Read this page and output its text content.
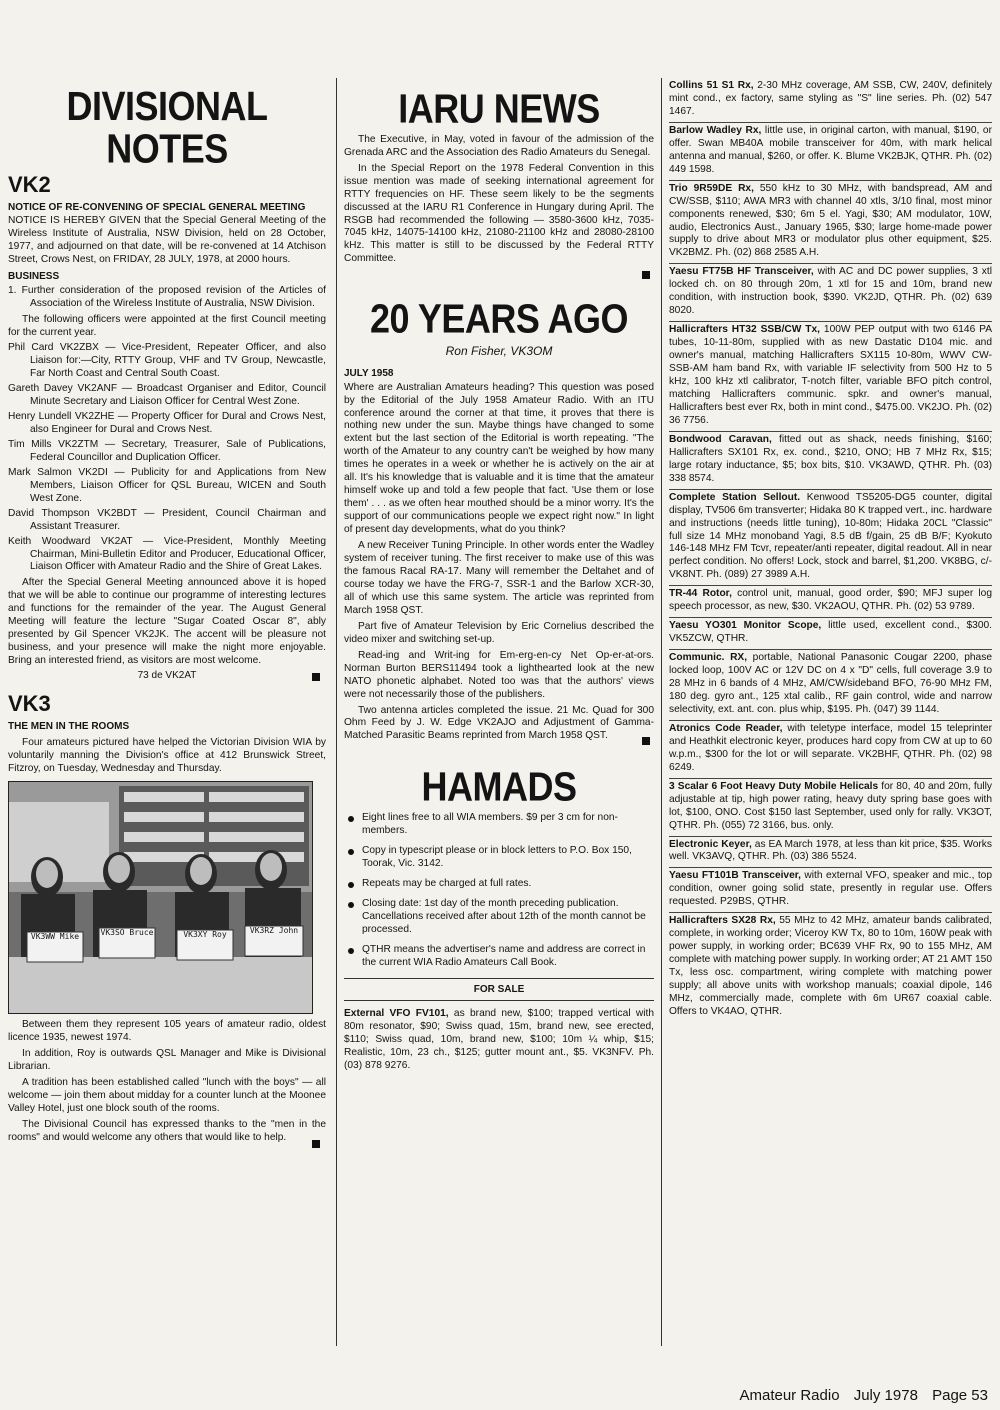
DIVISIONAL NOTES
VK2
NOTICE OF RE-CONVENING OF SPECIAL GENERAL MEETING

NOTICE IS HEREBY GIVEN that the Special General Meeting of the Wireless Institute of Australia, NSW Division, held on 28 October, 1977, and adjourned on that date, will be re-convened at 14 Atchison Street, Crows Nest, on FRIDAY, 28 JULY, 1978, at 2000 hours.

BUSINESS

1. Further consideration of the proposed revision of the Articles of Association of the Wireless Institute of Australia, NSW Division.

The following officers were appointed at the first Council meeting for the current year.

Phil Card VK2ZBX — Vice-President, Repeater Officer, and also Liaison for:—City, RTTY Group, VHF and TV Group, Newcastle, Far North Coast and Central South Coast.

Gareth Davey VK2ANF — Broadcast Organiser and Editor, Council Minute Secretary and Liaison Officer for Central West Zone.

Henry Lundell VK2ZHE — Property Officer for Dural and Crows Nest, also Engineer for Dural and Crows Nest.

Tim Mills VK2ZTM — Secretary, Treasurer, Sale of Publications, Federal Councillor and Duplication Officer.

Mark Salmon VK2DI — Publicity for and Applications from New Members, Liaison Officer for QSL Bureau, WICEN and South West Zone.

David Thompson VK2BDT — President, Council Chairman and Assistant Treasurer.

Keith Woodward VK2AT — Vice-President, Monthly Meeting Chairman, Mini-Bulletin Editor and Producer, Educational Officer, Liaison Officer with Amateur Radio and the Shire of Great Lakes.

After the Special General Meeting announced above it is hoped that we will be able to continue our programme of interesting lectures and functions for the remainder of the year. The August General Meeting will feature the lecture "Sugar Coated Oscar 8", ably presented by Gil Spencer VK2JK. The accent will be pleasure not business, and your presence will make the night more enjoyable. Bring an interested friend, as visitors are most welcome.

73 de VK2AT
VK3
THE MEN IN THE ROOMS

Four amateurs pictured have helped the Victorian Division WIA by voluntarily manning the Division's office at 412 Brunswick Street, Fitzroy, on Tuesday, Wednesday and Thursday.

VK3WW Mike	VK3SO Bruce	VK3XY Roy	VK3RZ John

Between them they represent 105 years of amateur radio, oldest licence 1935, newest 1974.

In addition, Roy is outwards QSL Manager and Mike is Divisional Librarian.

A tradition has been established called "lunch with the boys" — all welcome — join them about midday for a counter lunch at the Moonee Valley Hotel, just one block south of the rooms.

The Divisional Council has expressed thanks to the "men in the rooms" and would welcome any others that would like to help.

IARU NEWS

The Executive, in May, voted in favour of the admission of the Grenada ARC and the Association des Radio Amateurs du Senegal.

In the Special Report on the 1978 Federal Convention in this issue mention was made of seeking international agreement for RTTY frequencies on HF. These seem likely to be the segments discussed at the IARU R1 Conference in Hungary during April. The RSGB had recommended the following — 3580-3600 kHz, 7035-7045 kHz, 14075-14100 kHz, 21080-21100 kHz and 28080-28100 kHz. This matter is still to be discussed by the Federal RTTY Committee.

20 YEARS AGO
Ron Fisher, VK3OM
JULY 1958

Where are Australian Amateurs heading? This question was posed by the Editorial of the July 1958 Amateur Radio. With an ITU conference around the corner at that time, it proves that there is nothing new under the sun. Maybe things have changed to some extent but the last section of the Editorial is worth repeating. "The worth of the Amateur to any country can't be weighed by how many times he operates in a week or whether he is actively on the air at all. It's his knowledge that is valuable and it is time that the amateur himself woke up and told a few people that fact. 'Use them or lose them' . . . as we often hear mouthed should be a minor worry. It's the support of our communications people we expect right now." In light of present day developments, what do you think?

A new Receiver Tuning Principle. In other words enter the Wadley system of receiver tuning. The first receiver to make use of this was the famous Racal RA-17. Many will remember the Deltahet and of course today we have the FRG-7, SSR-1 and the Barlow XCR-30, all of which use this same system. The article was reprinted from March 1958 QST.

Part five of Amateur Television by Eric Cornelius described the video mixer and switching set-up.

Read-ing and Writ-ing for Em-erg-en-cy Net Op-er-at-ors. Norman Burton BERS11494 took a lighthearted look at the new NATO phonetic alphabet. Noted too was that the authors' views were not necessarily those of the publishers.

Two antenna articles completed the issue. 21 Mc. Quad for 300 Ohm Feed by J. W. Edge VK2AJO and Adjustment of Gamma-Matched Parasitic Beams reprinted from March 1958 QST.

HAMADS
Eight lines free to all WIA members. $9 per 3 cm for non-members.
Copy in typescript please or in block letters to P.O. Box 150, Toorak, Vic. 3142.
Repeats may be charged at full rates.
Closing date: 1st day of the month preceding publication. Cancellations received after about 12th of the month cannot be processed.
QTHR means the advertiser's name and address are correct in the current WIA Radio Amateurs Call Book.
FOR SALE
External VFO FV101, as brand new, $100; trapped vertical with 80m resonator, $90; Swiss quad, 15m, brand new, see erected, $110; Swiss quad, 10m, brand new, $100; 10m ¼ whip, $15; Realistic, 10m, 23 ch., $125; gutter mount ant., $5. VK3NFV. Ph. (03) 878 9276.
Collins 51 S1 Rx, 2-30 MHz coverage, AM SSB, CW, 240V, definitely mint cond., ex factory, same styling as "S" line series. Ph. (02) 547 1467.
Barlow Wadley Rx, little use, in original carton, with manual, $190, or offer. Swan MB40A mobile transceiver for 40m, with mark helical antenna and manual, $260, or offer. K. Blume VK2BJK, QTHR. Ph. (02) 449 1598.
Trio 9R59DE Rx, 550 kHz to 30 MHz, with bandspread, AM and CW/SSB, $110; AWA MR3 with channel 40 xtls, 3/10 final, most minor components renewed, $30; 6m 5 el. Yagi, $30; AM modulator, 10W, audio, Electronics Aust., January 1965, $30; large home-made power supply to drive about MR3 or modulator plus other equipment, $25. VK2BMZ. Ph. (02) 868 2585 A.H.
Yaesu FT75B HF Transceiver, with AC and DC power supplies, 3 xtl locked ch. on 80 through 20m, 1 xtl for 15 and 10m, brand new condition, with instruction book, $390. VK2JD, QTHR. Ph. (02) 639 8020.
Hallicrafters HT32 SSB/CW Tx, 100W PEP output with two 6146 PA tubes, 10-11-80m, supplied with as new Dastatic D104 mic. and owner's manual, matching Hallicrafters SX115 10-80m, WWV CW-SSB-AM ham band Rx, with variable IF selectivity from 500 Hz to 5 kHz, 100 kHz xtl calibrator, T-notch filter, variable BFO pitch control, matching Hallicrafters communic. spkr. and owner's manual, Hallicrafters best ever Rx, both in mint cond., $475.00. VK2JO. Ph. (02) 36 7756.
Bondwood Caravan, fitted out as shack, needs finishing, $160; Hallicrafters SX101 Rx, ex. cond., $210, ONO; HB 7 MHz Rx, $15; large rotary inductance, $5; box bits, $10. VK3AWD, QTHR. Ph. (03) 338 8574.
Complete Station Sellout. Kenwood TS5205-DG5 counter, digital display, TV506 6m transverter; Hidaka 80 K trapped vert., inc. hardware and instructions (needs little tuning), 10-80m; Hidaka 20CL "Classic" full size 14 MHz monoband Yagi, 8.5 dB f/gain, 25 dB B/F; Kyokuto 146-148 MHz FM Tcvr, repeater/anti repeater, digital readout. All in near perfect condition. No offers! Lock, stock and barrel, $1,200. VK8BG, c/- VK8NT. Ph. (089) 27 3989 A.H.
TR-44 Rotor, control unit, manual, good order, $90; MFJ super log speech processor, as new, $30. VK2AOU, QTHR. Ph. (02) 53 9789.
Yaesu YO301 Monitor Scope, little used, excellent cond., $300. VK5ZCW, QTHR.
Communic. RX, portable, National Panasonic Cougar 2200, phase locked loop, 100V AC or 12V DC on 4 x "D" cells, full coverage 3.9 to 28 MHz in 6 bands of 4 MHz, AM/CW/sideband BFO, 76-90 MHz FM, 180 deg. gyro ant., 125 xtal calib., RF gain control, wide and narrow selectivity, ext. ant. con. plus whip, $195. Ph. (047) 39 1144.
Atronics Code Reader, with teletype interface, model 15 teleprinter and Heathkit electronic keyer, produces hard copy from CW at up to 60 w.p.m., $300 for the lot or will separate. VK2BHF, QTHR. Ph. (02) 98 6249.
3 Scalar 6 Foot Heavy Duty Mobile Helicals for 80, 40 and 20m, fully adjustable at tip, high power rating, heavy duty spring base goes with lot, $100, ONO. Cost $150 last September, used only for rally. VK3OT, QTHR. Ph. (055) 72 3166, bus. only.
Electronic Keyer, as EA March 1978, at less than kit price, $35. Works well. VK3AVQ, QTHR. Ph. (03) 386 5524.
Yaesu FT101B Transceiver, with external VFO, speaker and mic., top condition, owner going solid state, presently in regular use. Offers requested. P29BS, QTHR.
Hallicrafters SX28 Rx, 55 MHz to 42 MHz, amateur bands calibrated, complete, in working order; Viceroy KW Tx, 80 to 10m, 160W peak with power supply, in working order; BC639 VHF Rx, 90 to 155 MHz, AM complete with matching power supply. In working order; AT 21 AMT 150 Tx, less osc. compartment, wiring complete with matching power supply; all above units with workshop manuals; coaxial dipole, 146 MHz, commercially made, complete with 6m UR67 coaxial cable. Offers to VK4AO, QTHR.
Amateur Radio July 1978 Page 53
